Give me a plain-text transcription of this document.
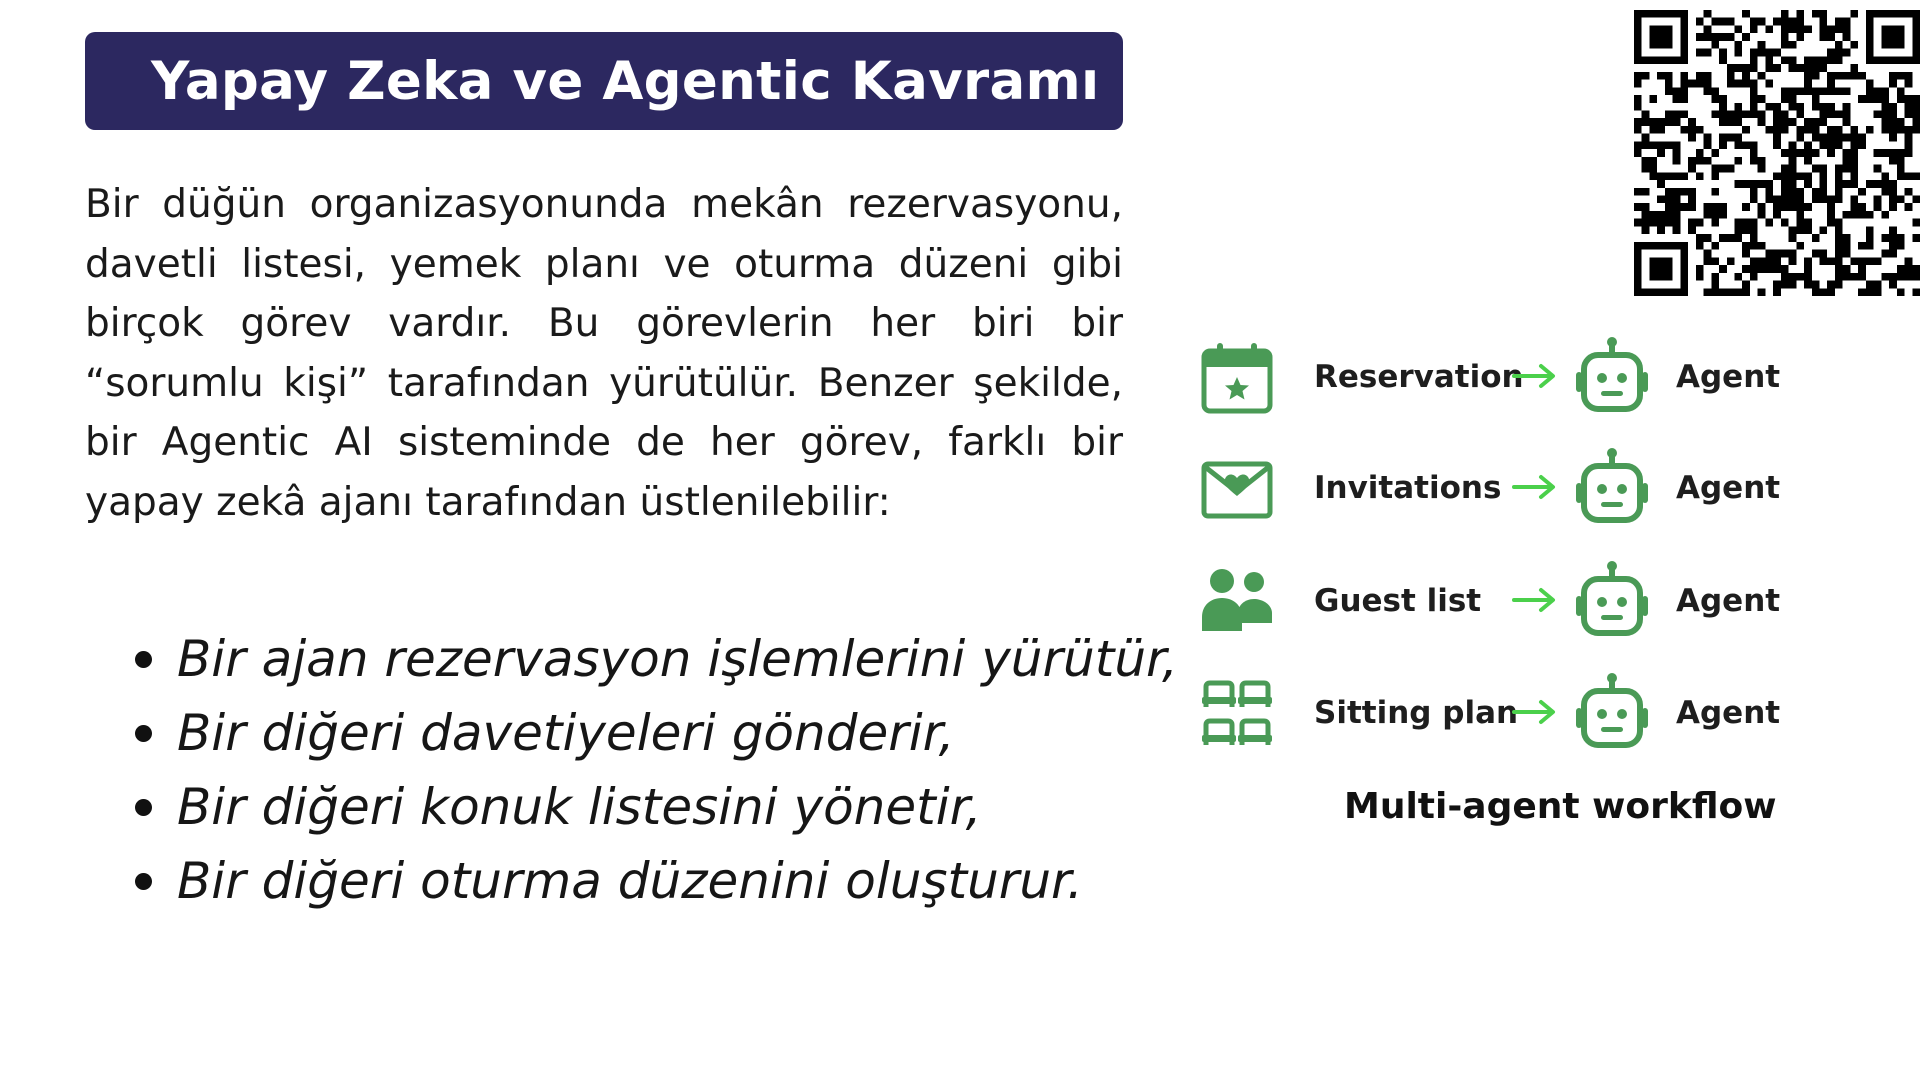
Yapay Zeka ve Agentic Kavramı

Bir düğün organizasyonunda mekân rezervasyonu, davetli listesi, yemek planı ve oturma düzeni gibi birçok görev vardır. Bu görevlerin her biri bir “sorumlu kişi” tarafından yürütülür. Benzer şekilde, bir Agentic AI sisteminde de her görev, farklı bir yapay zekâ ajanı tarafından üstlenilebilir:

Bir ajan rezervasyon işlemlerini yürütür,
Bir diğeri davetiyeleri gönderir,
Bir diğeri konuk listesini yönetir,
Bir diğeri oturma düzenini oluşturur.
Reservation	Agent
Invitations	Agent
Guest list	Agent
Sitting plan	Agent
Multi-agent workflow
